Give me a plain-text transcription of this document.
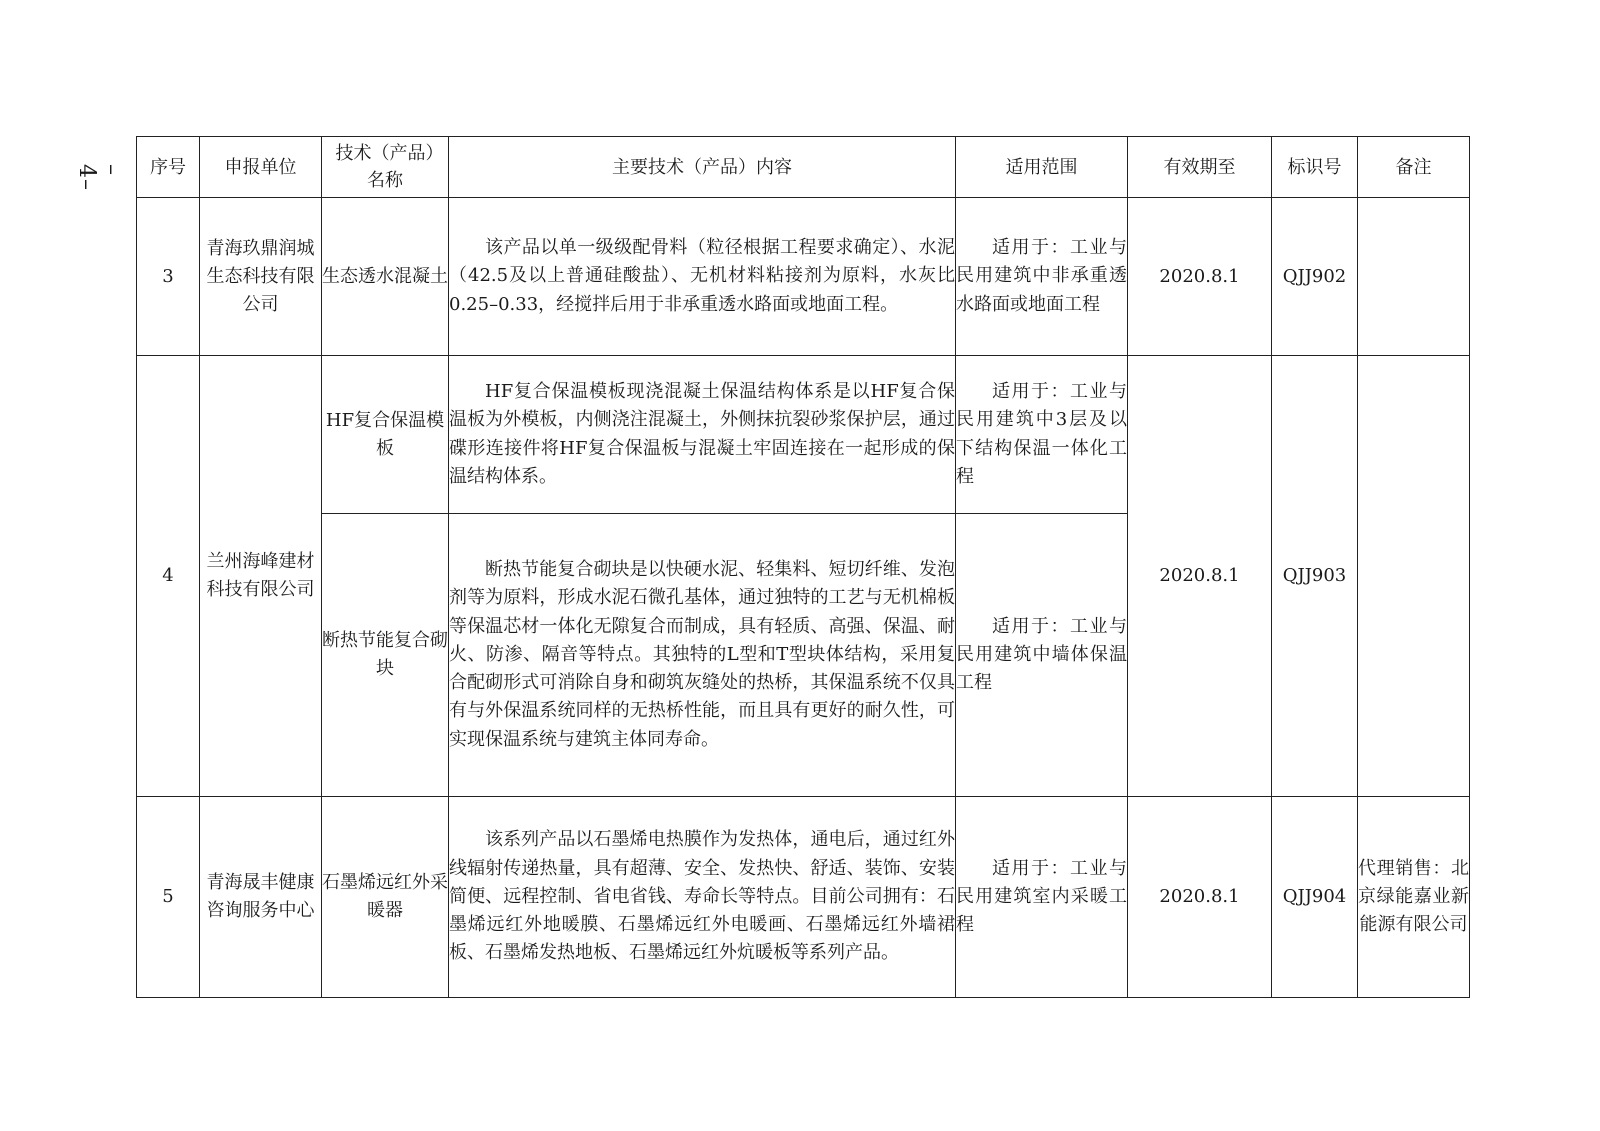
–4–	序号	申报单位	技术（产品）名称	主要技术（产品）内容	适用范围	有效期至	标识号	备注
3	青海玖鼎润城生态科技有限公司	生态透水混凝土	该产品以单一级级配骨料（粒径根据工程要求确定）、水泥（42.5及以上普通硅酸盐）、无机材料粘接剂为原料，水灰比0.25–0.33，经搅拌后用于非承重透水路面或地面工程。	适用于：工业与民用建筑中非承重透水路面或地面工程	2020.8.1	QJJ902	
4	兰州海峰建材科技有限公司	HF复合保温模板	HF复合保温模板现浇混凝土保温结构体系是以HF复合保温板为外模板，内侧浇注混凝土，外侧抹抗裂砂浆保护层，通过碟形连接件将HF复合保温板与混凝土牢固连接在一起形成的保温结构体系。	适用于：工业与民用建筑中3层及以下结构保温一体化工程	2020.8.1	QJJ903	
		断热节能复合砌块	断热节能复合砌块是以快硬水泥、轻集料、短切纤维、发泡剂等为原料，形成水泥石微孔基体，通过独特的工艺与无机棉板等保温芯材一体化无隙复合而制成，具有轻质、高强、保温、耐火、防渗、隔音等特点。其独特的L型和T型块体结构，采用复合配砌形式可消除自身和砌筑灰缝处的热桥，其保温系统不仅具有与外保温系统同样的无热桥性能，而且具有更好的耐久性，可实现保温系统与建筑主体同寿命。	适用于：工业与民用建筑中墙体保温工程			
5	青海晟丰健康咨询服务中心	石墨烯远红外采暖器	该系列产品以石墨烯电热膜作为发热体，通电后，通过红外线辐射传递热量，具有超薄、安全、发热快、舒适、装饰、安装简便、远程控制、省电省钱、寿命长等特点。目前公司拥有：石墨烯远红外地暖膜、石墨烯远红外电暖画、石墨烯远红外墙裙板、石墨烯发热地板、石墨烯远红外炕暖板等系列产品。	适用于：工业与民用建筑室内采暖工程	2020.8.1	QJJ904	代理销售：北京绿能嘉业新能源有限公司
